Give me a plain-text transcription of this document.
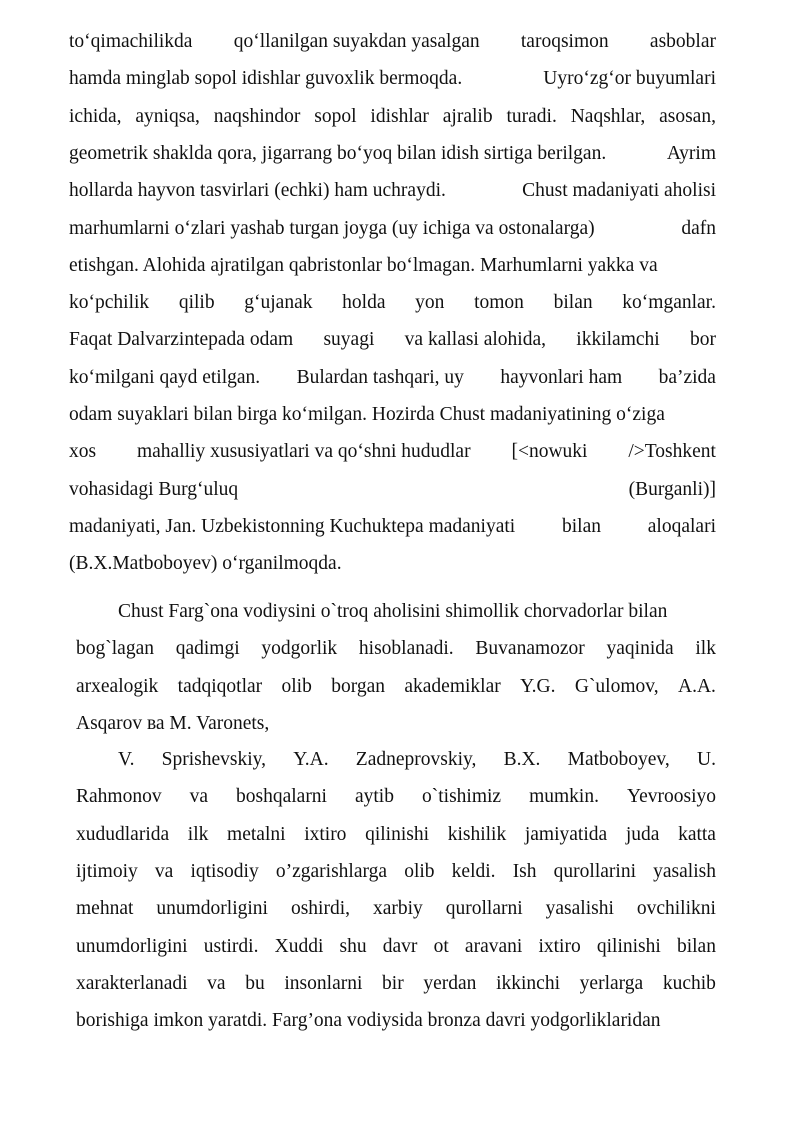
to‘qimachilikda qo‘llanilgan suyakdan yasalgan taroqsimon asboblar
hamda minglab sopol idishlar guvoxlik bermoqda.	Uyro‘zg‘or buyumlari
ichida, ayniqsa, naqshindor sopol idishlar ajralib turadi. Naqshlar, asosan,
geometrik shaklda qora, jigarrang bo‘yoq bilan idish sirtiga berilgan.	Ayrim
hollarda hayvon tasvirlari (echki) ham uchraydi.	Chust madaniyati aholisi
marhumlarni o‘zlari yashab turgan joyga (uy ichiga va ostonalarga)	dafn
etishgan. Alohida ajratilgan qabristonlar bo‘lmagan. Marhumlarni yakka va
ko‘pchilik qilib g‘ujanak holda yon tomon bilan ko‘mganlar.
Faqat Dalvarzintepada odam suyagi va kallasi alohida, ikkilamchi bor
ko‘milgani qayd etilgan. Bulardan tashqari, uy hayvonlari ham ba’zida
odam suyaklari bilan birga ko‘milgan. Hozirda Chust madaniyatining o‘ziga
xos mahalliy xususiyatlari va qo‘shni hududlar [<nowuki />Toshkent
vohasidagi Burg‘uluq	(Burganli)]
madaniyati, Jan. Uzbekistonning Kuchuktepa madaniyati bilan aloqalari
(B.X.Matboboyev) o‘rganilmoqda.
Chust Farg`ona vodiysini o`troq aholisini shimollik chorvadorlar bilan
bog`lagan qadimgi yodgorlik hisoblanadi. Buvanamozor yaqinida ilk
arxealogik tadqiqotlar olib borgan akademiklar Y.G. G`ulomov, A.A.
Asqarov ва M. Varonets,
V. Sprishevskiy, Y.A. Zadneprovskiy, B.X. Matboboyev, U.
Rahmonov va boshqalarni aytib o`tishimiz mumkin. Yevroosiyo
xududlarida ilk metalni ixtiro qilinishi kishilik jamiyatida juda katta
ijtimoiy va iqtisodiy o’zgarishlarga olib keldi. Ish qurollarini yasalish
mehnat unumdorligini oshirdi, xarbiy qurollarni yasalishi ovchilikni
unumdorligini ustirdi. Xuddi shu davr ot aravani ixtiro qilinishi bilan
xarakterlanadi va bu insonlarni bir yerdan ikkinchi yerlarga kuchib
borishiga imkon yaratdi. Farg’ona vodiysida bronza davri yodgorliklaridan
